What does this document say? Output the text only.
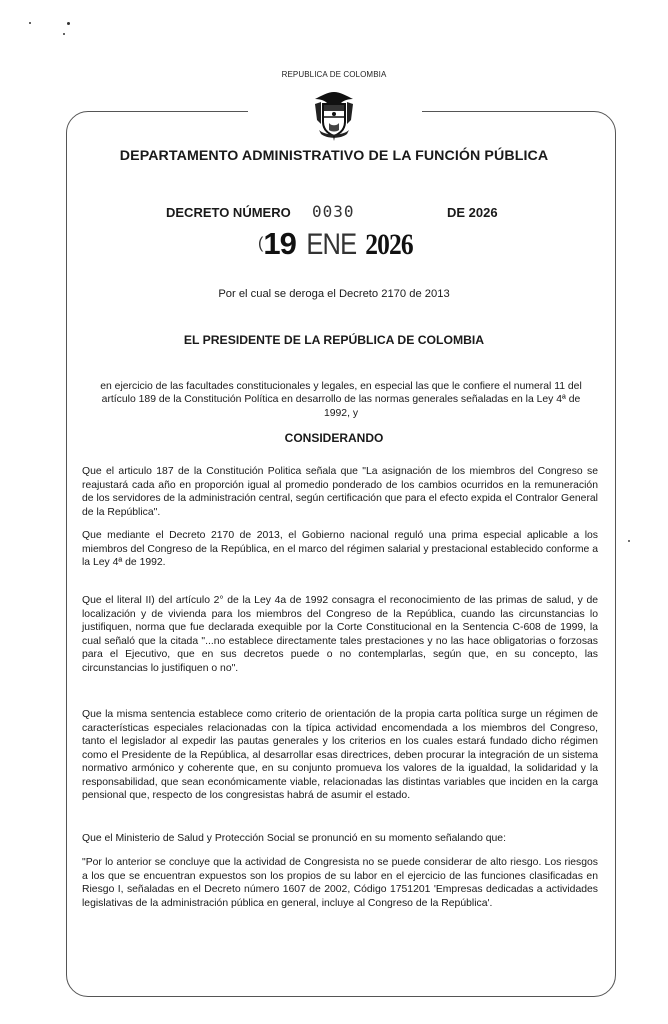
REPUBLICA DE COLOMBIA
DEPARTAMENTO ADMINISTRATIVO DE LA FUNCIÓN PÚBLICA
DECRETO NÚMERO 0030	DE 2026
(19 ENE 2026
Por el cual se deroga el Decreto 2170 de 2013
EL PRESIDENTE DE LA REPÚBLICA DE COLOMBIA
en ejercicio de las facultades constitucionales y legales, en especial las que le confiere el numeral 11 del artículo 189 de la Constitución Política en desarrollo de las normas generales señaladas en la Ley 4ª de 1992, y
CONSIDERANDO
Que el articulo 187 de la Constitución Politica señala que "La asignación de los miembros del Congreso se reajustará cada año en proporción igual al promedio ponderado de los cambios ocurridos en la remuneración de los servidores de la administración central, según certificación que para el efecto expida el Contralor General de la República".
Que mediante el Decreto 2170 de 2013, el Gobierno nacional reguló una prima especial aplicable a los miembros del Congreso de la República, en el marco del régimen salarial y prestacional establecido conforme a la Ley 4ª de 1992.
Que el literal II) del artículo 2° de la Ley 4a de 1992 consagra el reconocimiento de las primas de salud, y de localización y de vivienda para los miembros del Congreso de la República, cuando las circunstancias lo justifiquen, norma que fue declarada exequible por la Corte Constitucional en la Sentencia C-608 de 1999, la cual señaló que la citada "...no establece directamente tales prestaciones y no las hace obligatorias o forzosas para el Ejecutivo, que en sus decretos puede o no contemplarlas, según que, en su concepto, las circunstancias lo justifiquen o no".
Que la misma sentencia establece como criterio de orientación de la propia carta política surge un régimen de características especiales relacionadas con la típica actividad encomendada a los miembros del Congreso, tanto el legislador al expedir las pautas generales y los criterios en los cuales estará fundado dicho régimen como el Presidente de la República, al desarrollar esas directrices, deben procurar la integración de un sistema normativo armónico y coherente que, en su conjunto promueva los valores de la igualdad, la solidaridad y la responsabilidad, que sean económicamente viable, relacionadas las distintas variables que inciden en la carga pensional que, respecto de los congresistas habrá de asumir el estado.
Que el Ministerio de Salud y Protección Social se pronunció en su momento señalando que:
"Por lo anterior se concluye que la actividad de Congresista no se puede considerar de alto riesgo. Los riesgos a los que se encuentran expuestos son los propios de su labor en el ejercicio de las funciones clasificadas en Riesgo I, señaladas en el Decreto número 1607 de 2002, Código 1751201 'Empresas dedicadas a actividades legislativas de la administración pública en general, incluye al Congreso de la República'.
